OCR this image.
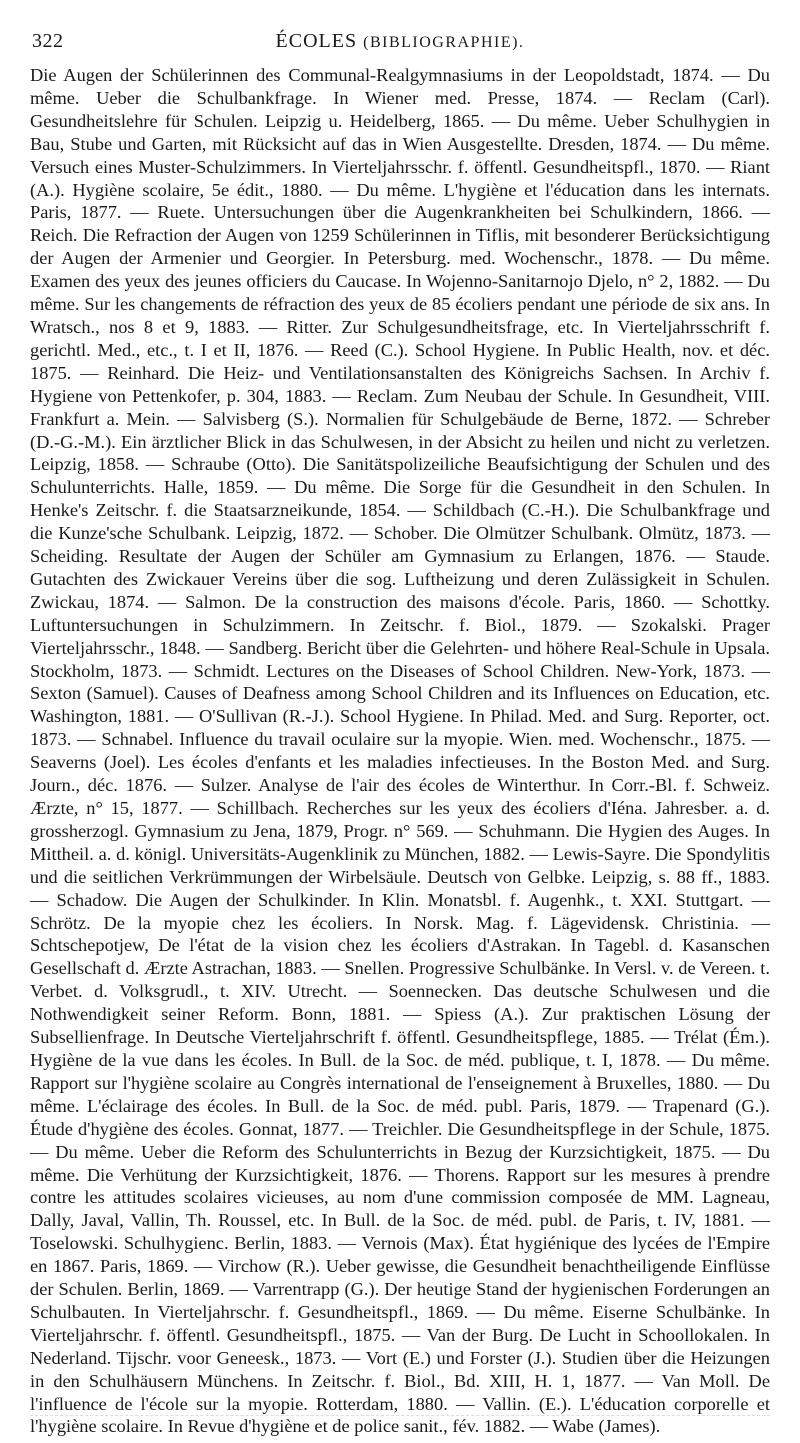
322	ÉCOLES (BIBLIOGRAPHIE).

Die Augen der Schülerinnen des Communal-Realgymnasiums in der Leopoldstadt, 1874. — Du même. Ueber die Schulbankfrage. In Wiener med. Presse, 1874. — Reclam (Carl). Gesundheitslehre für Schulen. Leipzig u. Heidelberg, 1865. — Du même. Ueber Schulhygien in Bau, Stube und Garten, mit Rücksicht auf das in Wien Ausgestellte. Dresden, 1874. — Du même. Versuch eines Muster-Schulzimmers. In Vierteljahrsschr. f. öffentl. Gesundheitspfl., 1870. — Riant (A.). Hygiène scolaire, 5e édit., 1880. — Du même. L'hygiène et l'éducation dans les internats. Paris, 1877. — Ruete. Untersuchungen über die Augenkrankheiten bei Schulkindern, 1866. — Reich. Die Refraction der Augen von 1259 Schülerinnen in Tiflis, mit besonderer Berücksichtigung der Augen der Armenier und Georgier. In Petersburg. med. Wochenschr., 1878. — Du même. Examen des yeux des jeunes officiers du Caucase. In Wojenno-Sanitarnojo Djelo, n° 2, 1882. — Du même. Sur les changements de réfraction des yeux de 85 écoliers pendant une période de six ans. In Wratsch., nos 8 et 9, 1883. — Ritter. Zur Schulgesundheitsfrage, etc. In Vierteljahrsschrift f. gerichtl. Med., etc., t. I et II, 1876. — Reed (C.). School Hygiene. In Public Health, nov. et déc. 1875. — Reinhard. Die Heiz- und Ventilationsanstalten des Königreichs Sachsen. In Archiv f. Hygiene von Pettenkofer, p. 304, 1883. — Reclam. Zum Neubau der Schule. In Gesundheit, VIII. Frankfurt a. Mein. — Salvisberg (S.). Normalien für Schulgebäude de Berne, 1872. — Schreber (D.-G.-M.). Ein ärztlicher Blick in das Schulwesen, in der Absicht zu heilen und nicht zu verletzen. Leipzig, 1858. — Schraube (Otto). Die Sanitätspolizeiliche Beaufsichtigung der Schulen und des Schulunterrichts. Halle, 1859. — Du même. Die Sorge für die Gesundheit in den Schulen. In Henke's Zeitschr. f. die Staatsarzneikunde, 1854. — Schildbach (C.-H.). Die Schulbankfrage und die Kunze'sche Schulbank. Leipzig, 1872. — Schober. Die Olmützer Schulbank. Olmütz, 1873. — Scheiding. Resultate der Augen der Schüler am Gymnasium zu Erlangen, 1876. — Staude. Gutachten des Zwickauer Vereins über die sog. Luftheizung und deren Zulässigkeit in Schulen. Zwickau, 1874. — Salmon. De la construction des maisons d'école. Paris, 1860. — Schottky. Luftuntersuchungen in Schulzimmern. In Zeitschr. f. Biol., 1879. — Szokalski. Prager Vierteljahrsschr., 1848. — Sandberg. Bericht über die Gelehrten- und höhere Real-Schule in Upsala. Stockholm, 1873. — Schmidt. Lectures on the Diseases of School Children. New-York, 1873. — Sexton (Samuel). Causes of Deafness among School Children and its Influences on Education, etc. Washington, 1881. — O'Sullivan (R.-J.). School Hygiene. In Philad. Med. and Surg. Reporter, oct. 1873. — Schnabel. Influence du travail oculaire sur la myopie. Wien. med. Wochenschr., 1875. — Seaverns (Joel). Les écoles d'enfants et les maladies infectieuses. In the Boston Med. and Surg. Journ., déc. 1876. — Sulzer. Analyse de l'air des écoles de Winterthur. In Corr.-Bl. f. Schweiz. Ærzte, n° 15, 1877. — Schillbach. Recherches sur les yeux des écoliers d'Iéna. Jahresber. a. d. grossherzogl. Gymnasium zu Jena, 1879, Progr. n° 569. — Schuhmann. Die Hygien des Auges. In Mittheil. a. d. königl. Universitäts-Augenklinik zu München, 1882. — Lewis-Sayre. Die Spondylitis und die seitlichen Verkrümmungen der Wirbelsäule. Deutsch von Gelbke. Leipzig, s. 88 ff., 1883. — Schadow. Die Augen der Schulkinder. In Klin. Monatsbl. f. Augenhk., t. XXI. Stuttgart. — Schrötz. De la myopie chez les écoliers. In Norsk. Mag. f. Lägevidensk. Christinia. — Schtschepotjew, De l'état de la vision chez les écoliers d'Astrakan. In Tagebl. d. Kasanschen Gesellschaft d. Ærzte Astrachan, 1883. — Snellen. Progressive Schulbänke. In Versl. v. de Vereen. t. Verbet. d. Volksgrudl., t. XIV. Utrecht. — Soennecken. Das deutsche Schulwesen und die Nothwendigkeit seiner Reform. Bonn, 1881. — Spiess (A.). Zur praktischen Lösung der Subsellienfrage. In Deutsche Vierteljahrschrift f. öffentl. Gesundheitspflege, 1885. — Trélat (Ém.). Hygiène de la vue dans les écoles. In Bull. de la Soc. de méd. publique, t. I, 1878. — Du même. Rapport sur l'hygiène scolaire au Congrès international de l'enseignement à Bruxelles, 1880. — Du même. L'éclairage des écoles. In Bull. de la Soc. de méd. publ. Paris, 1879. — Trapenard (G.). Étude d'hygiène des écoles. Gonnat, 1877. — Treichler. Die Gesundheitspflege in der Schule, 1875. — Du même. Ueber die Reform des Schulunterrichts in Bezug der Kurzsichtigkeit, 1875. — Du même. Die Verhütung der Kurzsichtigkeit, 1876. — Thorens. Rapport sur les mesures à prendre contre les attitudes scolaires vicieuses, au nom d'une commission composée de MM. Lagneau, Dally, Javal, Vallin, Th. Roussel, etc. In Bull. de la Soc. de méd. publ. de Paris, t. IV, 1881. — Toselowski. Schulhygienc. Berlin, 1883. — Vernois (Max). État hygiénique des lycées de l'Empire en 1867. Paris, 1869. — Virchow (R.). Ueber gewisse, die Gesundheit benachtheiligende Einflüsse der Schulen. Berlin, 1869. — Varrentrapp (G.). Der heutige Stand der hygienischen Forderungen an Schulbauten. In Vierteljahrschr. f. Gesundheitspfl., 1869. — Du même. Eiserne Schulbänke. In Vierteljahrschr. f. öffentl. Gesundheitspfl., 1875. — Van der Burg. De Lucht in Schoollokalen. In Nederland. Tijschr. voor Geneesk., 1873. — Vort (E.) und Forster (J.). Studien über die Heizungen in den Schulhäusern Münchens. In Zeitschr. f. Biol., Bd. XIII, H. 1, 1877. — Van Moll. De l'influence de l'école sur la myopie. Rotterdam, 1880. — Vallin. (E.). L'éducation corporelle et l'hygiène scolaire. In Revue d'hygiène et de police sanit., fév. 1882. — Wabe (James).
